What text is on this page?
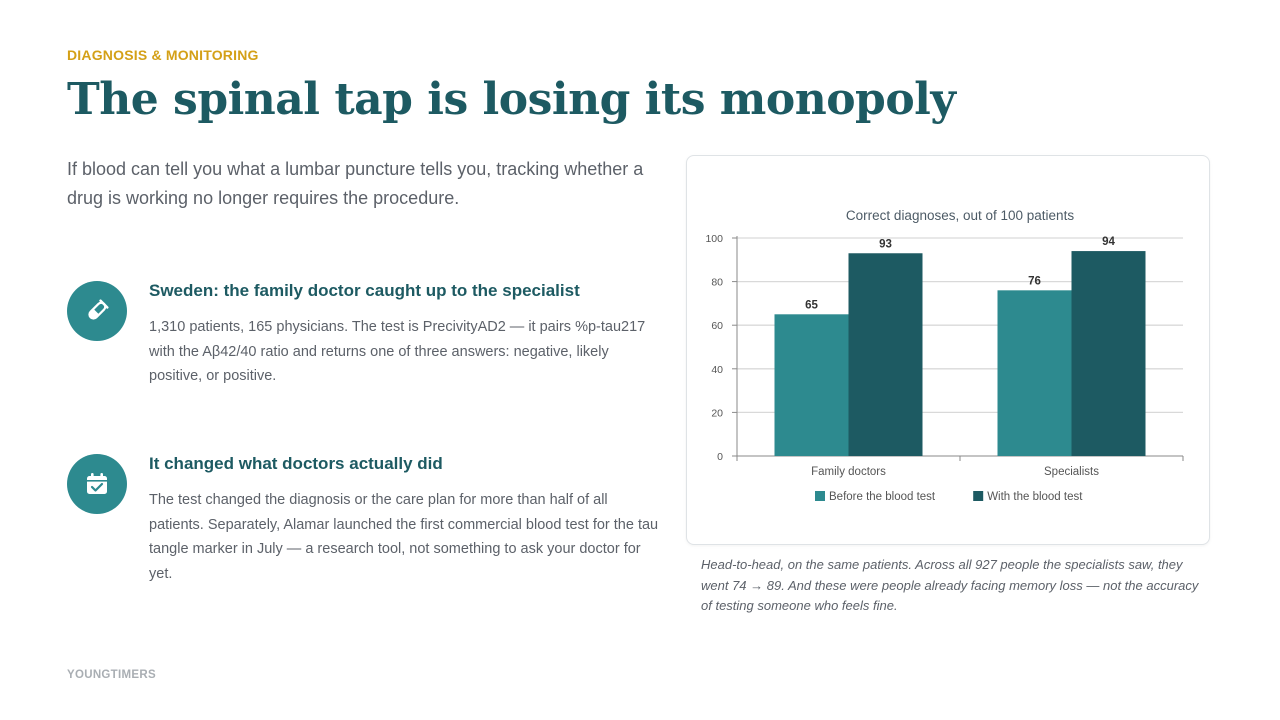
DIAGNOSIS & MONITORING
The spinal tap is losing its monopoly

If blood can tell you what a lumbar puncture tells you, tracking whether a drug is working no longer requires the procedure.

Sweden: the family doctor caught up to the specialist
1,310 patients, 165 physicians. The test is PrecivityAD2 — it pairs %p-tau217 with the Aβ42/40 ratio and returns one of three answers: negative, likely positive, or positive.
It changed what doctors actually did
The test changed the diagnosis or the care plan for more than half of all patients. Separately, Alamar launched the first commercial blood test for the tau tangle marker in July — a research tool, not something to ask your doctor for yet.
Correct diagnoses, out of 100 patients
0
20
40
60
80
100
65
93
Family doctors
76
94
Specialists
Before the blood test	With the blood test

Head-to-head, on the same patients. Across all 927 people the specialists saw, they went 74 → 89. And these were people already facing memory loss — not the accuracy of testing someone who feels fine.

YOUNGTIMERS
